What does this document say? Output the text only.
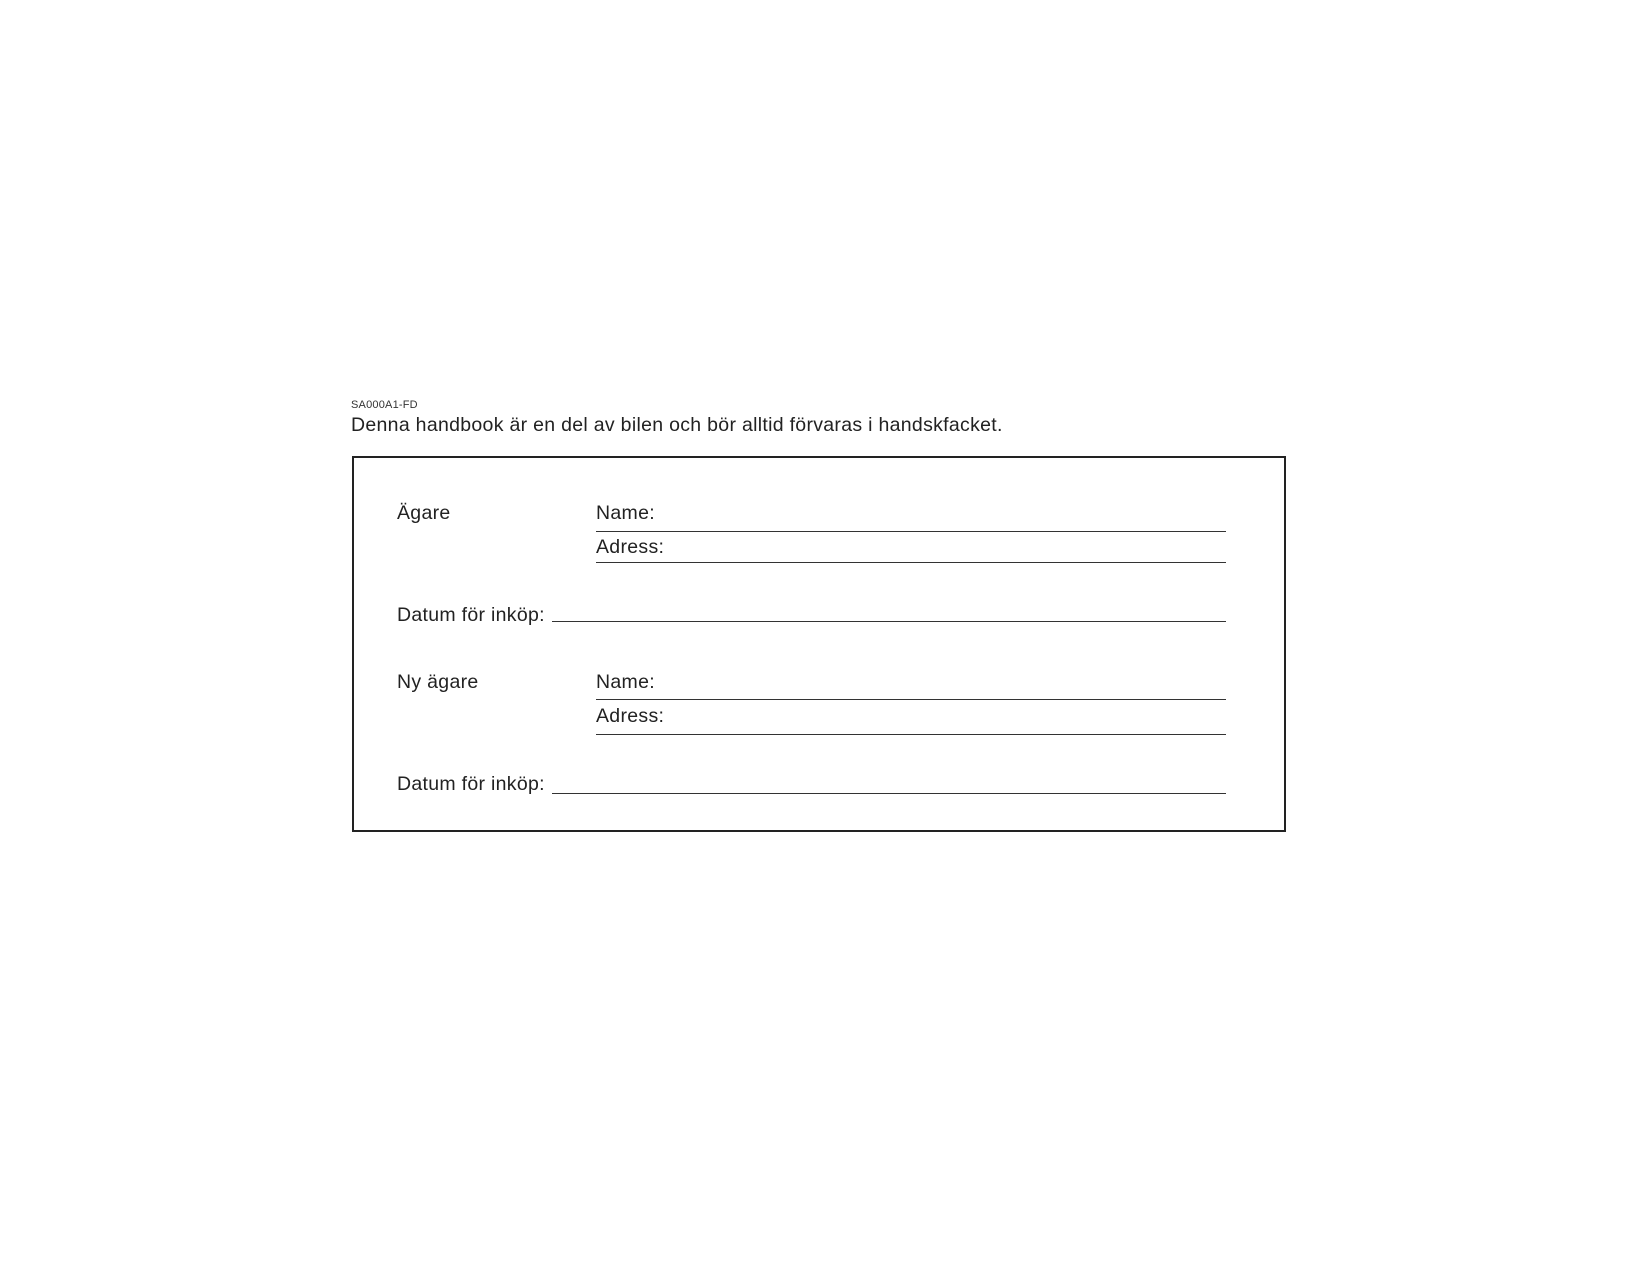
SA000A1-FD
Denna handbook är en del av bilen och bör alltid förvaras i handskfacket.
Ägare	Name:
Adress:
Datum för inköp:
Ny ägare	Name:
Adress:
Datum för inköp:
